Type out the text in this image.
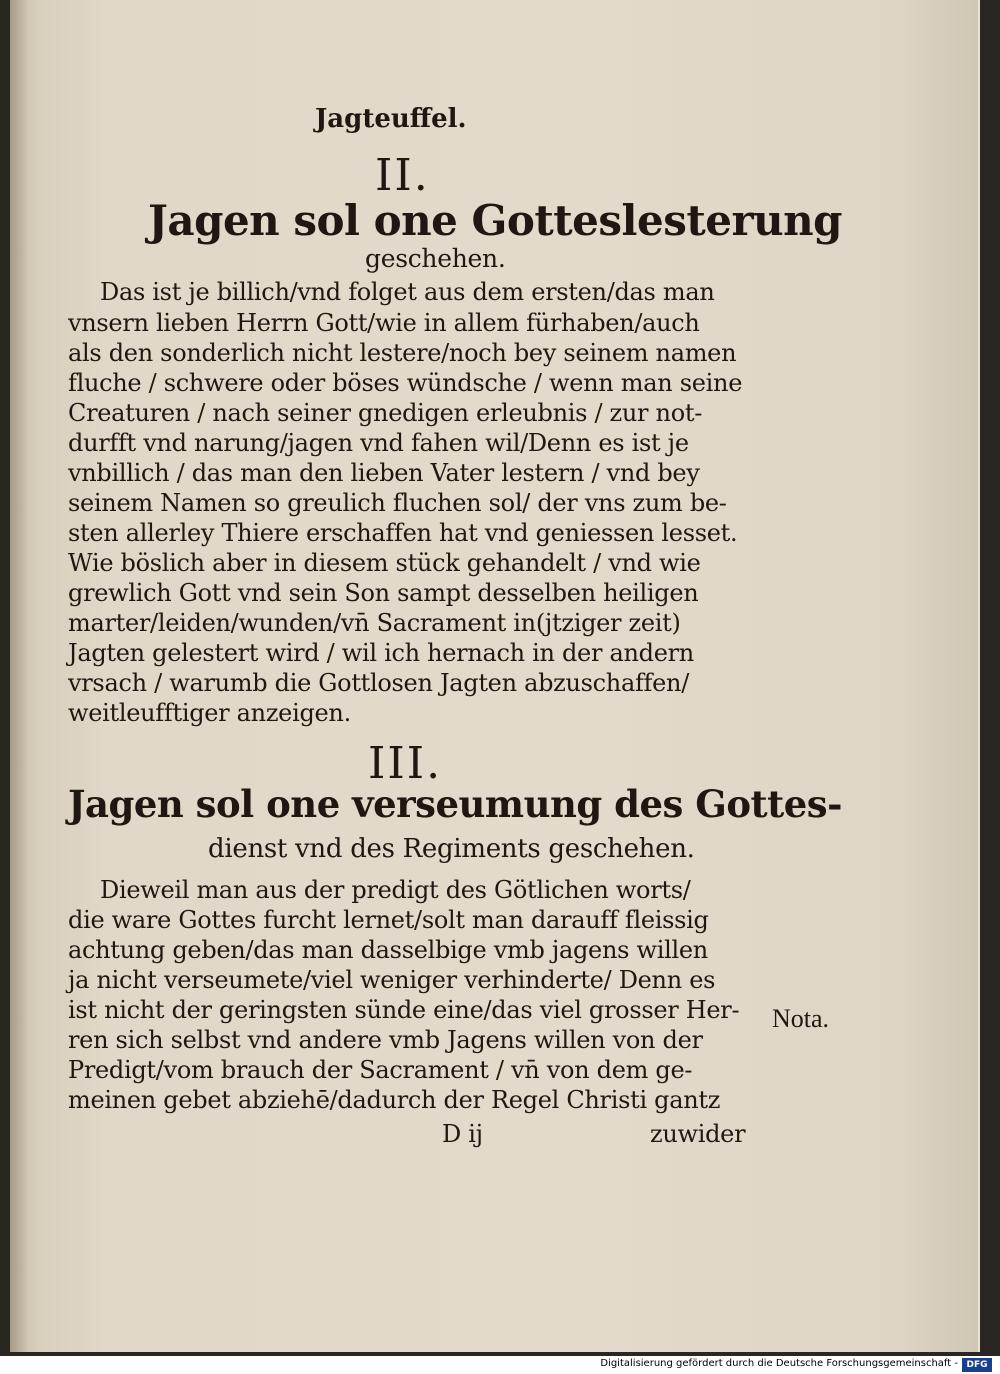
Jagteuffel.
II.
Jagen sol one Gotteslesterung
geschehen.
Das ist je billich/vnd folget aus dem ersten/das man
vnsern lieben Herrn Gott/wie in allem fürhaben/auch
als den sonderlich nicht lestere/noch bey seinem namen
fluche / schwere oder böses wündsche / wenn man seine
Creaturen / nach seiner gnedigen erleubnis / zur not-
durfft vnd narung/jagen vnd fahen wil/Denn es ist je
vnbillich / das man den lieben Vater lestern / vnd bey
seinem Namen so greulich fluchen sol/ der vns zum be-
sten allerley Thiere erschaffen hat vnd geniessen lesset.
Wie böslich aber in diesem stück gehandelt / vnd wie
grewlich Gott vnd sein Son sampt desselben heiligen
marter/leiden/wunden/vn̄ Sacrament in(jtziger zeit)
Jagten gelestert wird / wil ich hernach in der andern
vrsach / warumb die Gottlosen Jagten abzuschaffen/
weitleufftiger anzeigen.
III.
Jagen sol one verseumung des Gottes-
dienst vnd des Regiments geschehen.
Dieweil man aus der predigt des Götlichen worts/
die ware Gottes furcht lernet/solt man darauff fleissig
achtung geben/das man dasselbige vmb jagens willen
ja nicht verseumete/viel weniger verhinderte/ Denn es
ist nicht der geringsten sünde eine/das viel grosser Her-
ren sich selbst vnd andere vmb Jagens willen von der
Predigt/vom brauch der Sacrament / vn̄ von dem ge-
meinen gebet abziehē/dadurch der Regel Christi gantz
Nota.
D ij	zuwider
Digitalisierung gefördert durch die Deutsche Forschungsgemeinschaft - DFG
